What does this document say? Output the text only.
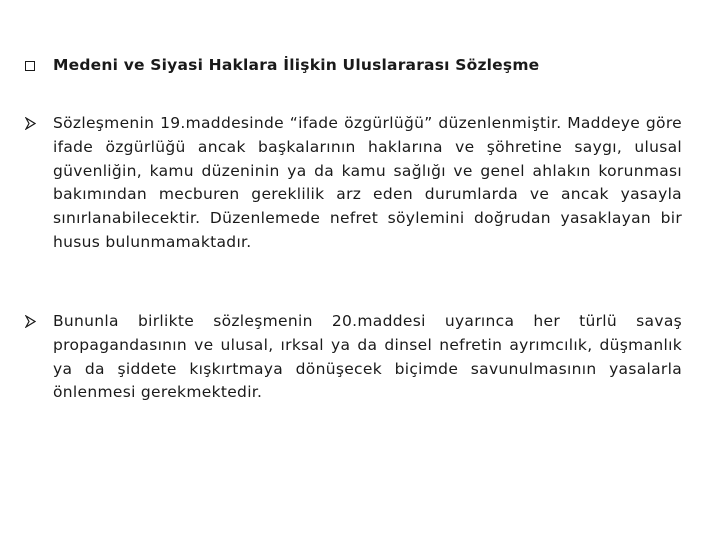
Medeni ve Siyasi Haklara İlişkin Uluslararası Sözleşme
Sözleşmenin 19.maddesinde “ifade özgürlüğü” düzenlenmiştir. Maddeye göre ifade özgürlüğü ancak başkalarının haklarına ve şöhretine saygı, ulusal güvenliğin, kamu düzeninin ya da kamu sağlığı ve genel ahlakın korunması bakımından mecburen gereklilik arz eden durumlarda ve ancak yasayla sınırlanabilecektir. Düzenlemede nefret söylemini doğrudan yasaklayan bir husus bulunmamaktadır.
Bununla birlikte sözleşmenin 20.maddesi uyarınca her türlü savaş propagandasının ve ulusal, ırksal ya da dinsel nefretin ayrımcılık, düşmanlık ya da şiddete kışkırtmaya dönüşecek biçimde savunulmasının yasalarla önlenmesi gerekmektedir.
